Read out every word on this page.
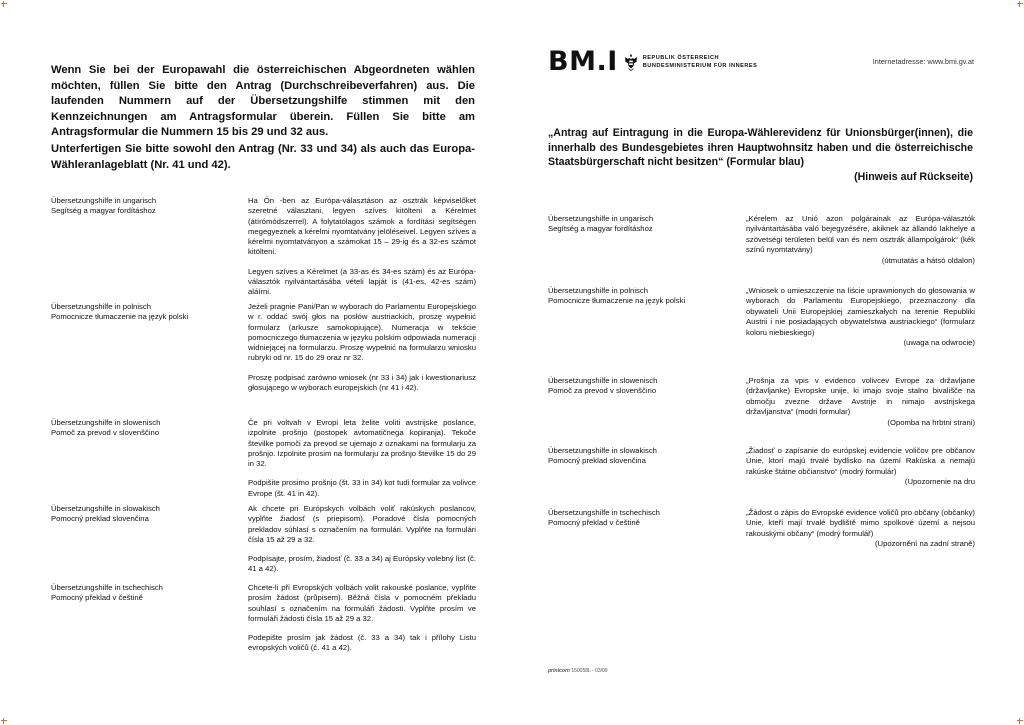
Wenn Sie bei der Europawahl die österreichischen Abgeordneten wählen möchten, füllen Sie bitte den Antrag (Durchschreibeverfahren) aus. Die laufenden Nummern auf der Übersetzungshilfe stimmen mit den Kennzeichnungen am Antragsformular überein. Füllen Sie bitte am Antragsformular die Nummern 15 bis 29 und 32 aus.
Unterfertigen Sie bitte sowohl den Antrag (Nr. 33 und 34) als auch das Europa-Wähleranlageblatt (Nr. 41 und 42).
Übersetzungshilfe in ungarisch
Segítség a magyar fordításhoz

Ha Ön -ben az Európa-választáson az osztrák képviselőket szeretné választani, legyen szíves kitölteni a Kérelmet (átírómódszerrel). A folytatólagos számok a fordítási segítségen megegyeznek a kérelmi nyomtatvány jelöléseivel. Legyen szíves a kérelmi nyomtatványon a számokat 15 – 29-ig és a 32-es számot kitölteni.

Legyen szíves a Kérelmet (a 33-as és 34-es szám) és az Európa-választók nyilvántartásába vételi lapját is (41-es, 42-es szám) aláírni.

Übersetzungshilfe in polnisch
Pomocnicze tłumaczenie na język polski

Jeżeli pragnie Pani/Pan w wyborach do Parlamentu Europejskiego w r. oddać swój głos na posłów austriackich, proszę wypełnić formularz (arkusze samokopiujące). Numeracja w tekście pomocniczego tłumaczenia w języku polskim odpowiada numeracji widniejącej na formularzu. Proszę wypełnić na formularzu wniosku rubryki od nr. 15 do 29 oraz nr 32.

Proszę podpisać zarówno wniosek (nr 33 i 34) jak i kwestionariusz głosującego w wyborach europejskich (nr 41 i 42).

Übersetzungshilfe in slowenisch
Pomoč za prevod v slovenščino

Če pri voltvah v Evropi leta želite voliti avstrijske poslance, izpolnite prošnjo (postopek avtomatičnega kopiranja). Tekoče številke pomoči za prevod se ujemajo z oznakami na formularju za prošnjo. Izpolnite prosim na formularju za prošnjo številke 15 do 29 in 32.

Podpišite prosimo prošnjo (št. 33 in 34) kot tudi formular za volivce Evrope (št. 41 in 42).

Übersetzungshilfe in slowakisch
Pomocný preklad slovenčina

Ak chcete pri Európskych volbách voliť rakúskych poslancov, vyplňte žiadosť (s priepisom). Poradové čísla pomocných prekladov súhlasí s označením na formulári. Vyplňte na formulári čísla 15 až 29 a 32.

Podpísajte, prosím, žiadosť (č. 33 a 34) aj Európsky volebný list (č. 41 a 42).

Übersetzungshilfe in tschechisch
Pomocný překlad v češtině

Chcete-li při Evropských volbách volit rakouské poslance, vyplňte prosím žádost (průpisem). Běžná čísla v pomocném překladu souhlasí s označením na formuláři žádosti. Vyplňte prosím ve formuláři žádosti čísla 15 až 29 a 32.

Podepište prosím jak žádost (č. 33 a 34) tak i přílohy Listu evropských voličů (č. 41 a 42).

BM.I	REPUBLIK ÖSTERREICH
BUNDESMINISTERIUM FÜR INNERES	Internetadresse: www.bmi.gv.at
„Antrag auf Eintragung in die Europa-Wählerevidenz für Unionsbürger(innen), die innerhalb des Bundesgebietes ihren Hauptwohnsitz haben und die österreichische Staatsbürgerschaft nicht besitzen“ (Formular blau)
(Hinweis auf Rückseite)
Übersetzungshilfe in ungarisch
Segítség a magyar fordításhoz
„Kérelem az Unió azon polgárainak az Európa-választók nyilvántartásába való bejegyzésére, akiknek az állandó lakhelye a szövetségi területen belül van és nem osztrák állampolgárok“ (kék színű nyomtatvány)
(útmutatás a hátsó oldalon)
Übersetzungshilfe in polnisch
Pomocnicze tłumaczenie na język polski
„Wniosek o umieszczenie na liście uprawnionych do głosowania w wyborach do Parlamentu Europejskiego, przeznaczony dla obywateli Unii Europejskiej zamieszkałych na terenie Republiki Austrii i nie posiadających obywatelstwa austriackiego“ (formularz koloru niebieskiego)
(uwaga na odwrocie)
Übersetzungshilfe in slowenisch
Pomoč za prevod v slovenščino
„Prošnja za vpis v evidenco volivcev Evrope za državljane (državljanke) Evropske unije, ki imajo svoje stalno bivališče na območju zvezne države Avstrije in nimajo avstrijskega državljanstva“ (modri formular)
(Opomba na hrbtni strani)
Übersetzungshilfe in slowakisch
Pomocný preklad slovenčina
„Žiadosť o zapísanie do európskej evidencie voličov pre občanov Únie, ktorí majú trvalé bydlisko na území Rakúska a nemajú rakúske štátne občianstvo“ (modrý formulár)
(Upozornenie na dru
Übersetzungshilfe in tschechisch
Pomocný překlad v češtině
„Žádost o zápis do Evropské evidence voličů pro občany (občanky) Unie, kteří mají trvalé bydliště mimo spolkové území a nejsou rakouskými občany“ (modrý formulář)
(Upozornění na zadní straně)
printcorn 150058L - 03/09
